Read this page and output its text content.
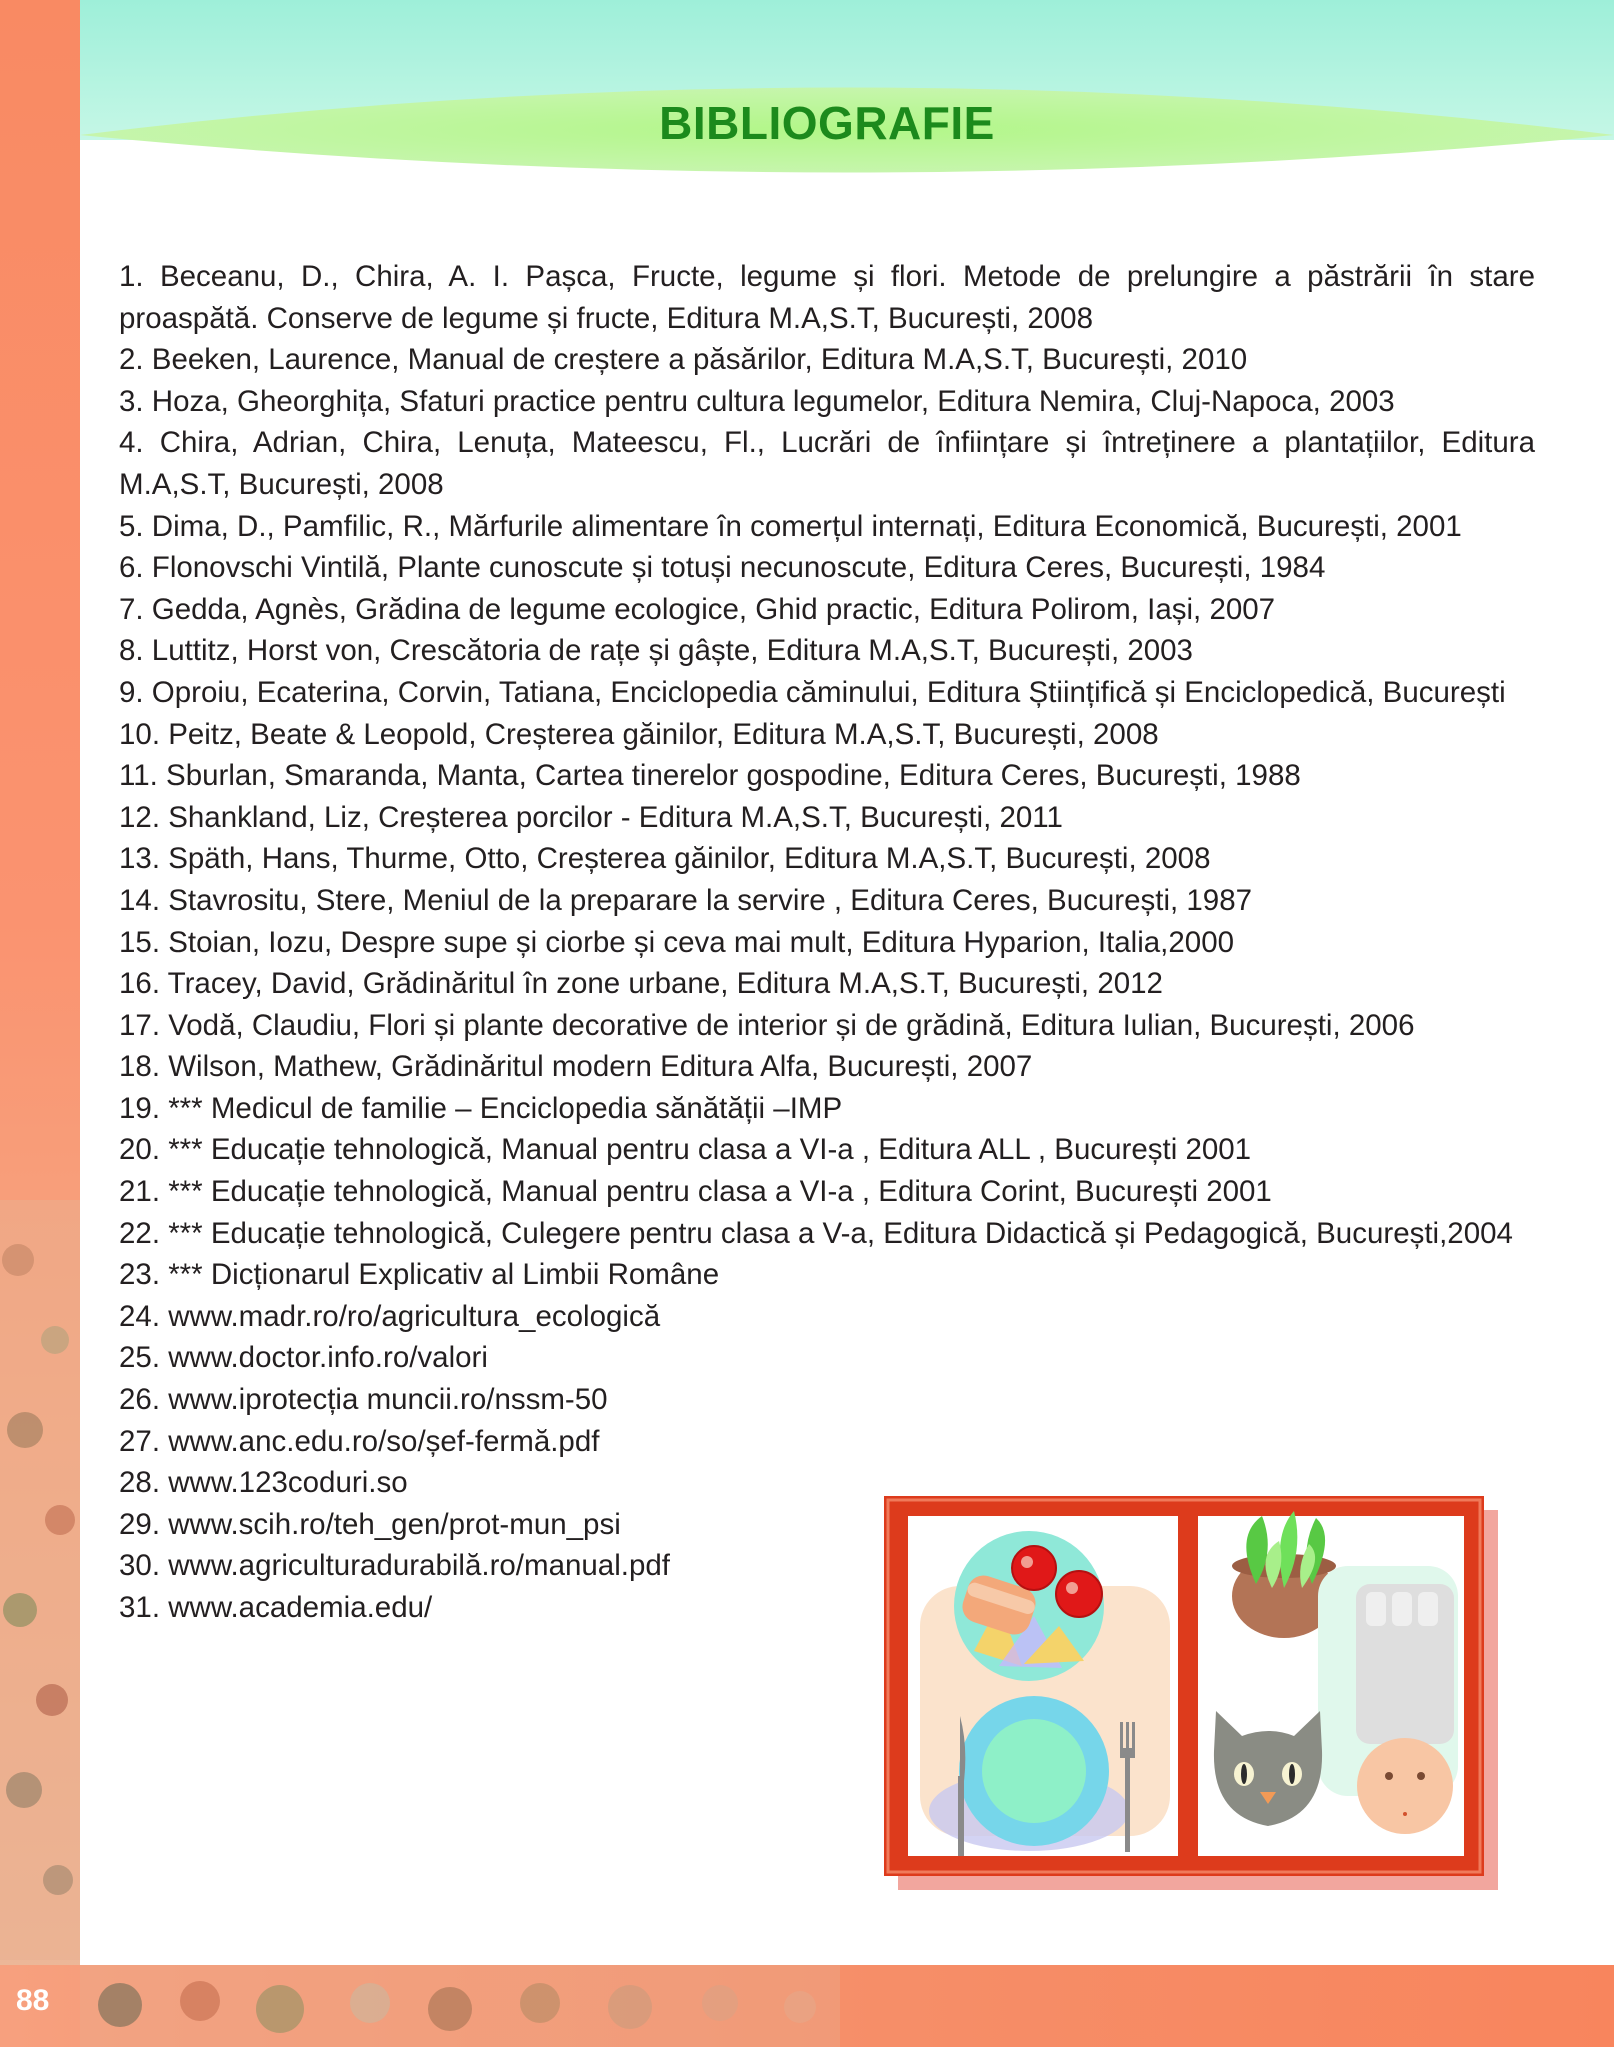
88
BIBLIOGRAFIE
1. Beceanu, D., Chira, A. I. Pașca, Fructe, legume și flori. Metode de prelungire a păstrării în stare proaspătă. Conserve de legume și fructe, Editura M.A,S.T, București, 2008
2. Beeken, Laurence, Manual de creștere a păsărilor, Editura M.A,S.T, București, 2010
3. Hoza, Gheorghița, Sfaturi practice pentru cultura legumelor, Editura Nemira, Cluj-Napoca, 2003
4. Chira, Adrian, Chira, Lenuța, Mateescu, Fl., Lucrări de înființare și întreținere a plantațiilor, Editura M.A,S.T, București, 2008
5. Dima, D., Pamfilic, R., Mărfurile alimentare în comerțul internați, Editura Economică, București, 2001
6. Flonovschi Vintilă, Plante cunoscute și totuși necunoscute, Editura Ceres, București, 1984
7. Gedda, Agnès, Grădina de legume ecologice, Ghid practic, Editura Polirom, Iași, 2007
8. Luttitz, Horst von, Crescătoria de rațe și gâște, Editura M.A,S.T, București, 2003
9. Oproiu, Ecaterina, Corvin, Tatiana, Enciclopedia căminului, Editura Științifică și Enciclopedică, București
10. Peitz, Beate & Leopold, Creșterea găinilor, Editura M.A,S.T, București, 2008
11. Sburlan, Smaranda, Manta, Cartea tinerelor gospodine, Editura Ceres, București, 1988
12. Shankland, Liz, Creșterea porcilor - Editura M.A,S.T, București, 2011
13. Späth, Hans, Thurme, Otto, Creșterea găinilor, Editura M.A,S.T, București, 2008
14. Stavrositu, Stere, Meniul de la preparare la servire , Editura Ceres, București, 1987
15. Stoian, Iozu, Despre supe și ciorbe și ceva mai mult, Editura Hyparion, Italia,2000
16. Tracey, David, Grădinăritul în zone urbane, Editura M.A,S.T, București, 2012
17. Vodă, Claudiu, Flori și plante decorative de interior și de grădină, Editura Iulian, București, 2006
18. Wilson, Mathew, Grădinăritul modern Editura Alfa, București, 2007
19. *** Medicul de familie – Enciclopedia sănătății –IMP
20. *** Educație tehnologică, Manual pentru clasa a VI-a , Editura ALL , București 2001
21. *** Educație tehnologică, Manual pentru clasa a VI-a , Editura Corint, București 2001
22. *** Educație tehnologică, Culegere pentru clasa a V-a, Editura Didactică și Pedagogică, București,2004
23. *** Dicționarul Explicativ al Limbii Române
24. www.madr.ro/ro/agricultura_ecologică
25. www.doctor.info.ro/valori
26. www.iprotecția muncii.ro/nssm-50
27. www.anc.edu.ro/so/șef-fermă.pdf
28. www.123coduri.so
29. www.scih.ro/teh_gen/prot-mun_psi
30. www.agriculturadurabilă.ro/manual.pdf
31. www.academia.edu/
